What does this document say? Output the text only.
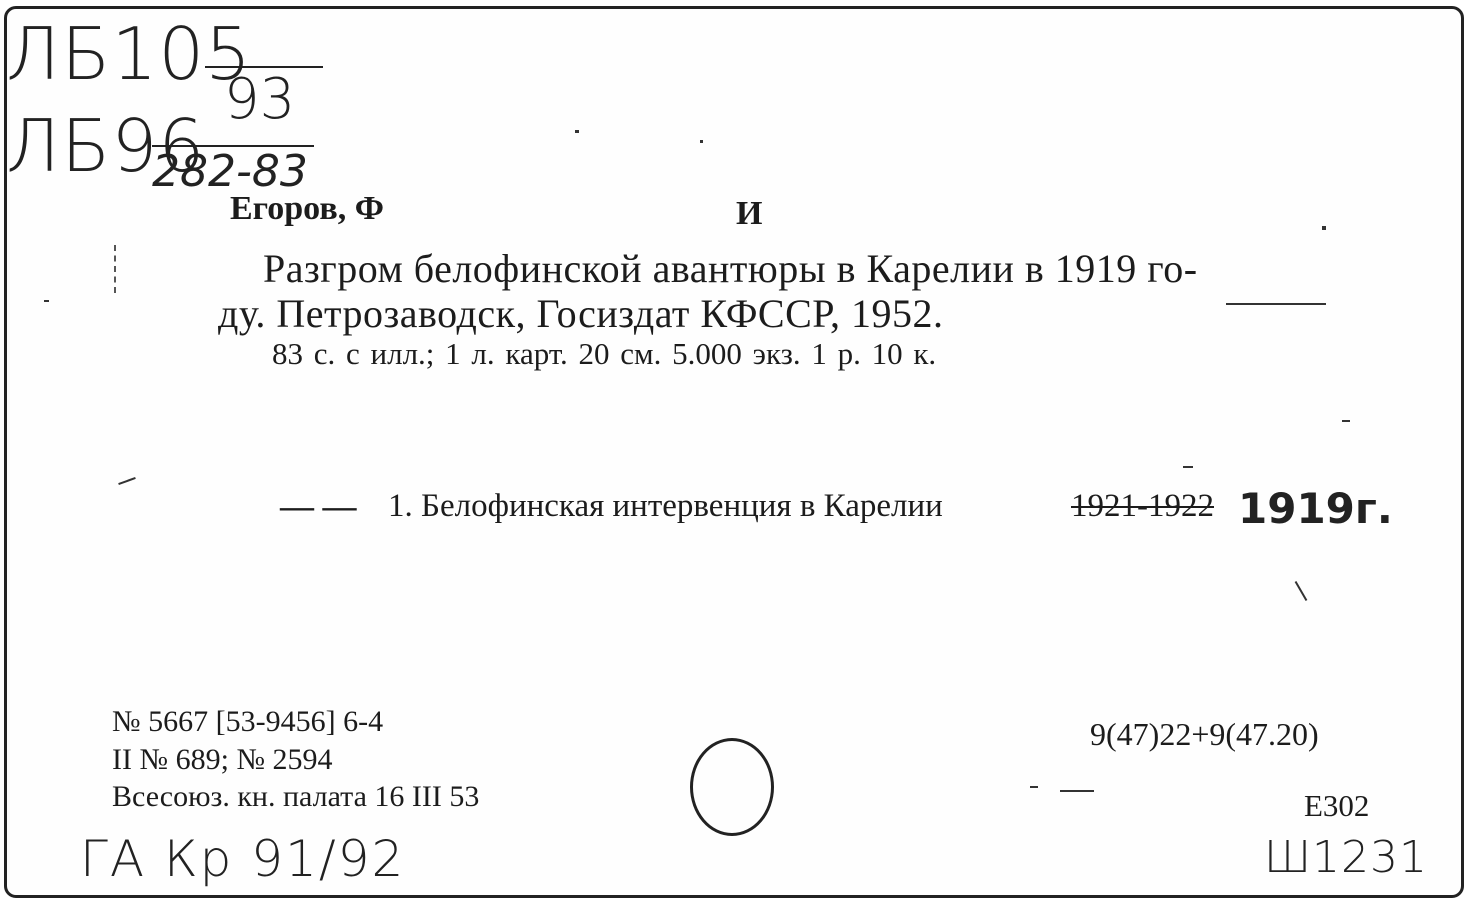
ЛБ105
93
ЛБ96
282-83
Егоров, Ф	И
Разгром белофинской авантюры в Карелии в 1919 го-
ду. Петрозаводск, Госиздат КФССР, 1952.
83 с. с илл.; 1 л. карт. 20 см. 5.000 экз. 1 р. 10 к.
— — 1. Белофинская интервенция в Карелии	1921-1922 1919г.
№ 5667 [53-9456] 6-4
II № 689; № 2594
Всесоюз. кн. палата 16 III 53
9(47)22+9(47.20)
Е302
ГА Кр 91/92	Ш1231
